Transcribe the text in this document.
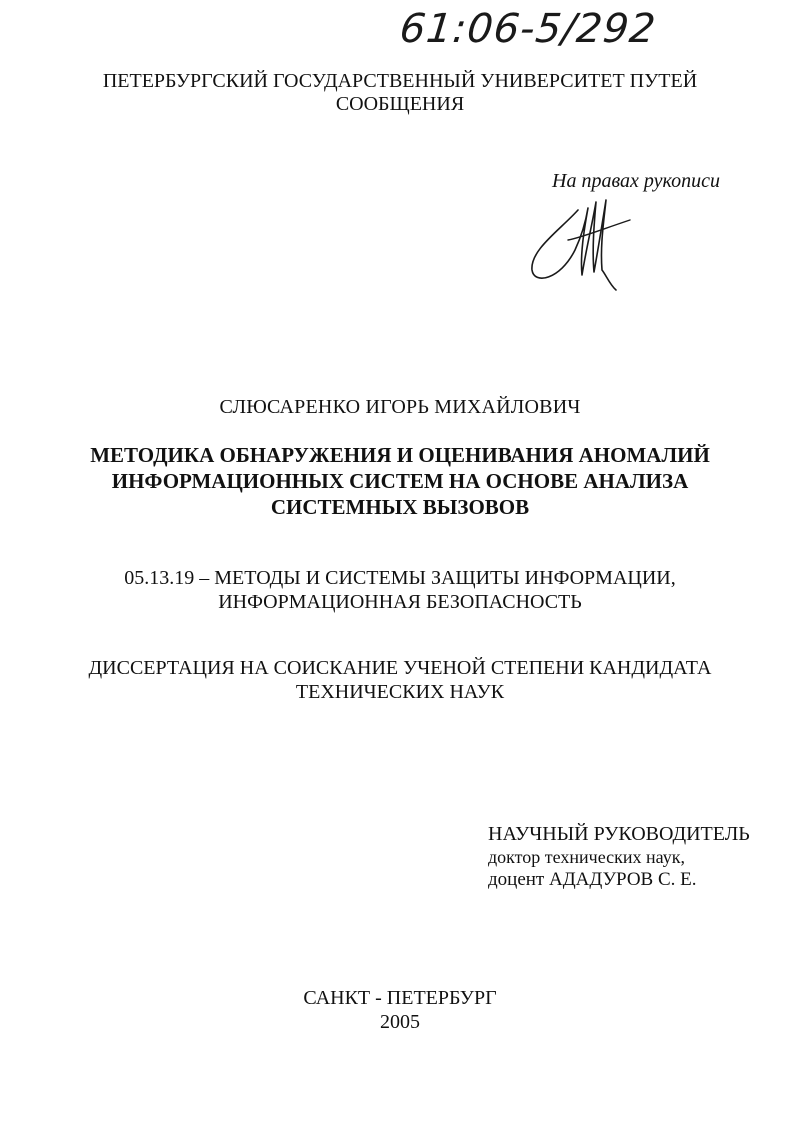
61:06-5/292
ПЕТЕРБУРГСКИЙ ГОСУДАРСТВЕННЫЙ УНИВЕРСИТЕТ ПУТЕЙ СООБЩЕНИЯ
На правах рукописи
СЛЮСАРЕНКО ИГОРЬ МИХАЙЛОВИЧ
МЕТОДИКА ОБНАРУЖЕНИЯ И ОЦЕНИВАНИЯ АНОМАЛИЙ ИНФОРМАЦИОННЫХ СИСТЕМ НА ОСНОВЕ АНАЛИЗА СИСТЕМНЫХ ВЫЗОВОВ
05.13.19 – МЕТОДЫ И СИСТЕМЫ ЗАЩИТЫ ИНФОРМАЦИИ, ИНФОРМАЦИОННАЯ БЕЗОПАСНОСТЬ
ДИССЕРТАЦИЯ НА СОИСКАНИЕ УЧЕНОЙ СТЕПЕНИ КАНДИДАТА ТЕХНИЧЕСКИХ НАУК
НАУЧНЫЙ РУКОВОДИТЕЛЬ
доктор технических наук,
доцент АДАДУРОВ С. Е.
САНКТ - ПЕТЕРБУРГ
2005
